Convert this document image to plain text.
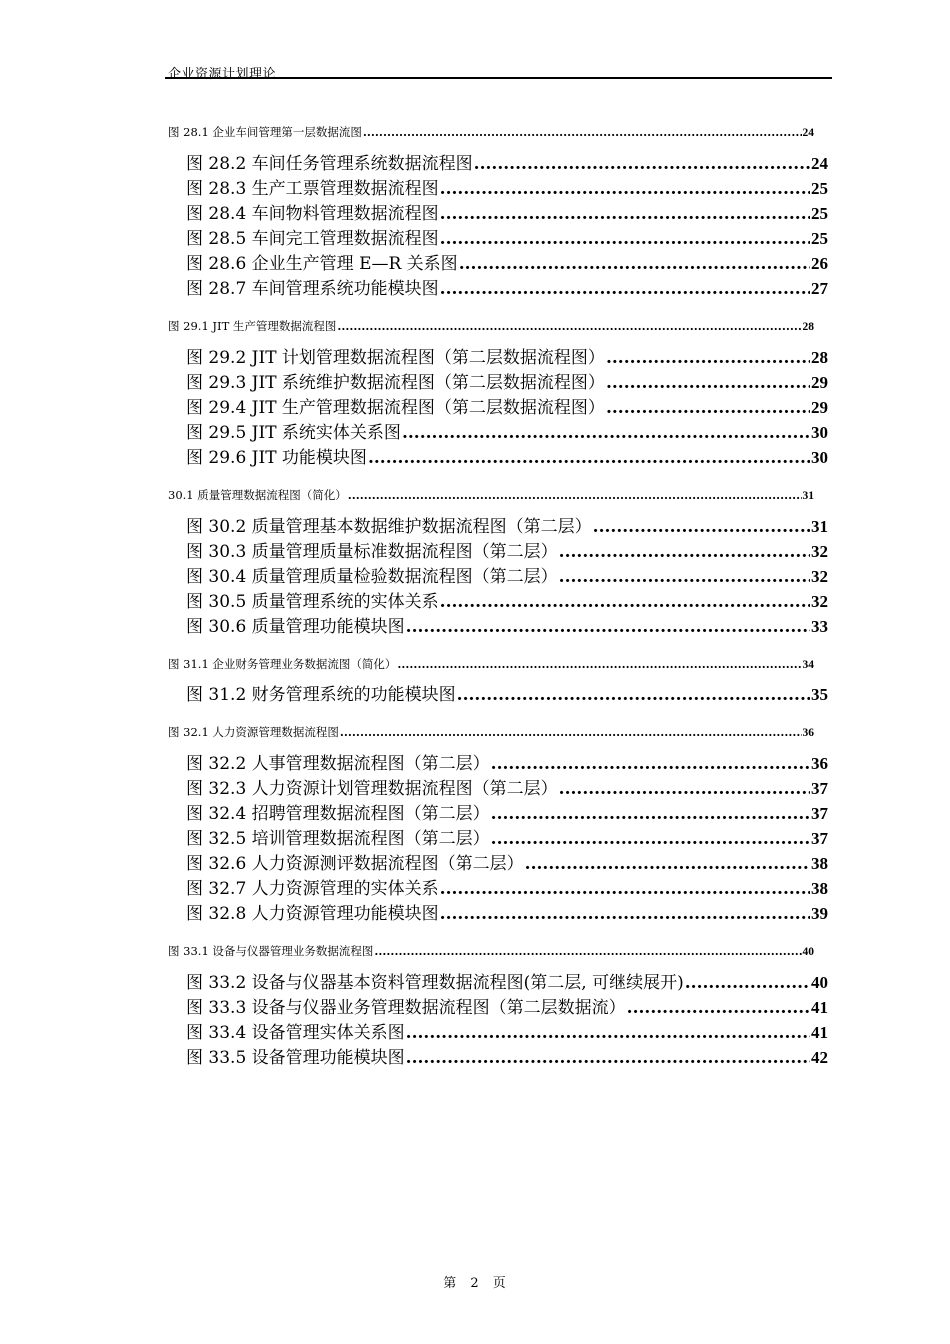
企业资源计划理论
图 28.1 企业车间管理第一层数据流图 .....	24
图 28.2 车间任务管理系统数据流程图 .....	24
图 28.3 生产工票管理数据流程图 .....	25
图 28.4 车间物料管理数据流程图 .....	25
图 28.5 车间完工管理数据流程图 .....	25
图 28.6 企业生产管理 E—R 关系图 .....	26
图 28.7 车间管理系统功能模块图 .....	27
图 29.1 JIT 生产管理数据流程图 .....	28
图 29.2 JIT 计划管理数据流程图（第二层数据流程图） .....	28
图 29.3 JIT 系统维护数据流程图（第二层数据流程图） .....	29
图 29.4 JIT 生产管理数据流程图（第二层数据流程图） .....	29
图 29.5 JIT 系统实体关系图 .....	30
图 29.6 JIT 功能模块图 .....	30
30.1 质量管理数据流程图（简化） .....	31
图 30.2 质量管理基本数据维护数据流程图（第二层） .....	31
图 30.3 质量管理质量标准数据流程图（第二层） .....	32
图 30.4 质量管理质量检验数据流程图（第二层） .....	32
图 30.5 质量管理系统的实体关系 .....	32
图 30.6 质量管理功能模块图 .....	33
图 31.1 企业财务管理业务数据流图（简化） .....	34
图 31.2 财务管理系统的功能模块图 .....	35
图 32.1 人力资源管理数据流程图 .....	36
图 32.2 人事管理数据流程图（第二层） .....	36
图 32.3 人力资源计划管理数据流程图（第二层） .....	37
图 32.4 招聘管理数据流程图（第二层） .....	37
图 32.5 培训管理数据流程图（第二层） .....	37
图 32.6 人力资源测评数据流程图（第二层） .....	38
图 32.7 人力资源管理的实体关系 .....	38
图 32.8 人力资源管理功能模块图 .....	39
图 33.1 设备与仪器管理业务数据流程图 .....	40
图 33.2 设备与仪器基本资料管理数据流程图(第二层, 可继续展开) .....	40
图 33.3 设备与仪器业务管理数据流程图（第二层数据流） .....	41
图 33.4 设备管理实体关系图 .....	41
图 33.5 设备管理功能模块图 .....	42
第 2 页
